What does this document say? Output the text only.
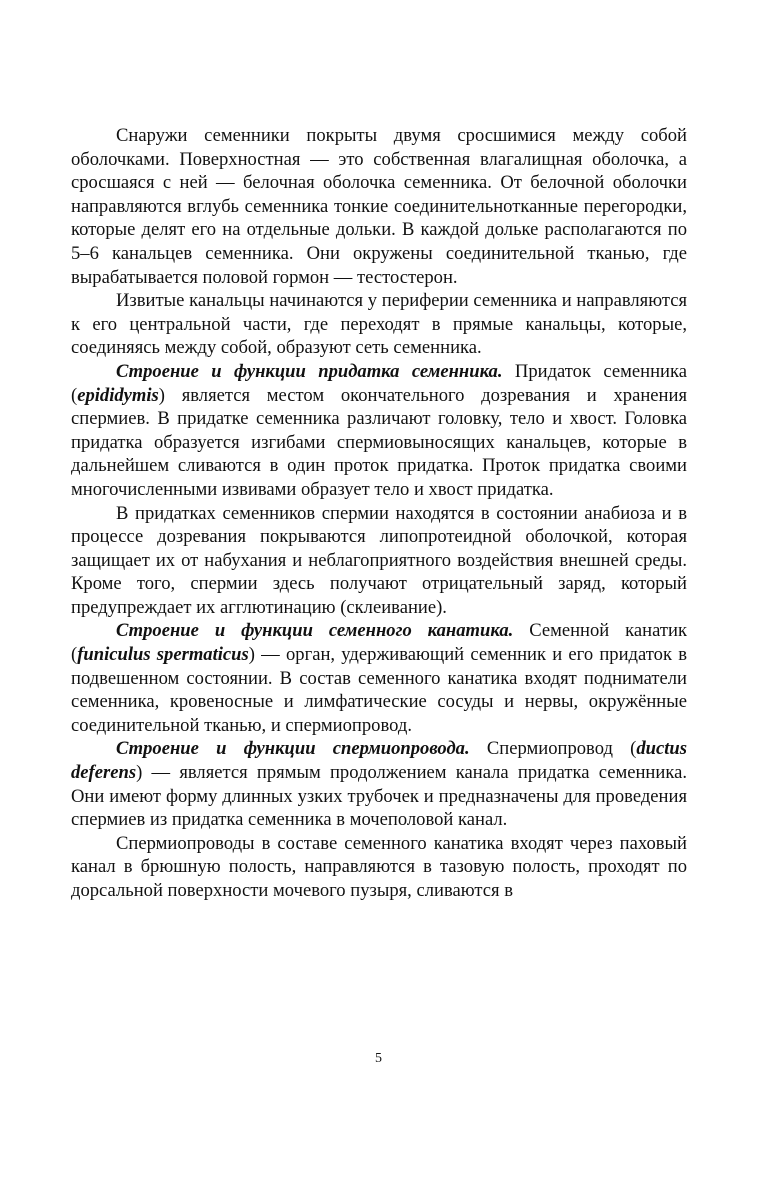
Снаружи семенники покрыты двумя сросшимися между собой оболочками. Поверхностная — это собственная влагалищная оболочка, а сросшаяся с ней — белочная оболочка семенника. От белочной оболочки направляются вглубь семенника тонкие соединительнотканные перегородки, которые делят его на отдельные дольки. В каждой дольке располагаются по 5–6 канальцев семенника. Они окружены соединительной тканью, где вырабатывается половой гормон — тестостерон.

Извитые канальцы начинаются у периферии семенника и направляются к его центральной части, где переходят в прямые канальцы, которые, соединяясь между собой, образуют сеть семенника.

Строение и функции придатка семенника. Придаток семенника (epididymis) является местом окончательного дозревания и хранения спермиев. В придатке семенника различают головку, тело и хвост. Головка придатка образуется изгибами спермиовыносящих канальцев, которые в дальнейшем сливаются в один проток придатка. Проток придатка своими многочисленными извивами образует тело и хвост придатка.

В придатках семенников спермии находятся в состоянии анабиоза и в процессе дозревания покрываются липопротеидной оболочкой, которая защищает их от набухания и неблагоприятного воздействия внешней среды. Кроме того, спермии здесь получают отрицательный заряд, который предупреждает их агглютинацию (склеивание).

Строение и функции семенного канатика. Семенной канатик (funiculus spermaticus) — орган, удерживающий семенник и его придаток в подвешенном состоянии. В состав семенного канатика входят подниматели семенника, кровеносные и лимфатические сосуды и нервы, окружённые соединительной тканью, и спермиопровод.

Строение и функции спермиопровода. Спермиопровод (ductus deferens) — является прямым продолжением канала придатка семенника. Они имеют форму длинных узких трубочек и предназначены для проведения спермиев из придатка семенника в мочеполовой канал.

Спермиопроводы в составе семенного канатика входят через паховый канал в брюшную полость, направляются в тазовую полость, проходят по дорсальной поверхности мочевого пузыря, сливаются в

5
